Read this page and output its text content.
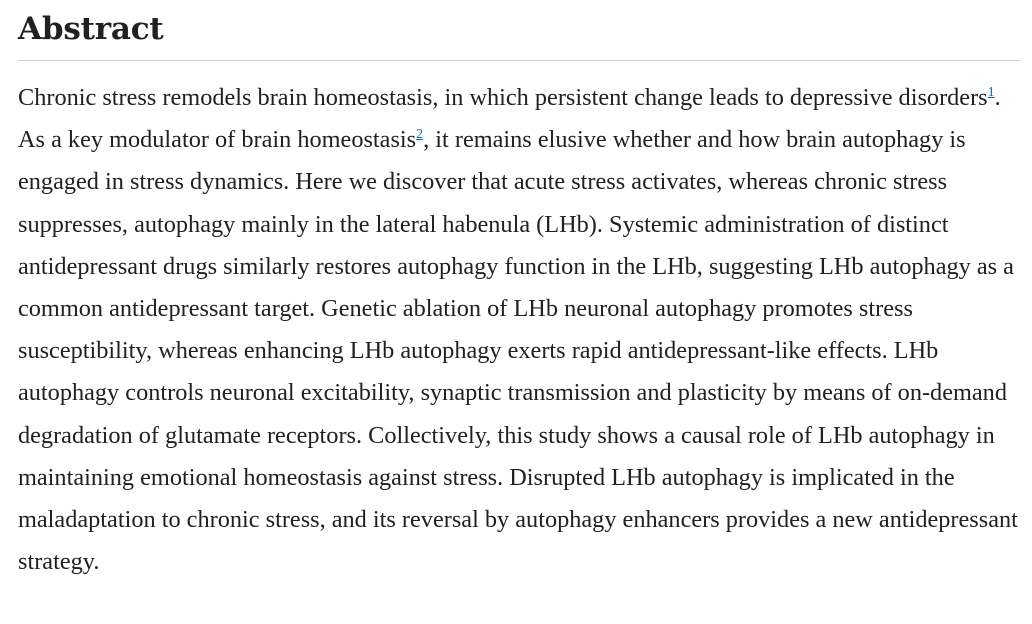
Abstract

Chronic stress remodels brain homeostasis, in which persistent change leads to depressive disorders$^1$. As a key modulator of brain homeostasis$^2$, it remains elusive whether and how brain autophagy is engaged in stress dynamics. Here we discover that acute stress activates, whereas chronic stress suppresses, autophagy mainly in the lateral habenula (LHb). Systemic administration of distinct antidepressant drugs similarly restores autophagy function in the LHb, suggesting LHb autophagy as a common antidepressant target. Genetic ablation of LHb neuronal autophagy promotes stress susceptibility, whereas enhancing LHb autophagy exerts rapid antidepressant-like effects. LHb autophagy controls neuronal excitability, synaptic transmission and plasticity by means of on-demand degradation of glutamate receptors. Collectively, this study shows a causal role of LHb autophagy in maintaining emotional homeostasis against stress. Disrupted LHb autophagy is implicated in the maladaptation to chronic stress, and its reversal by autophagy enhancers provides a new antidepressant strategy.
